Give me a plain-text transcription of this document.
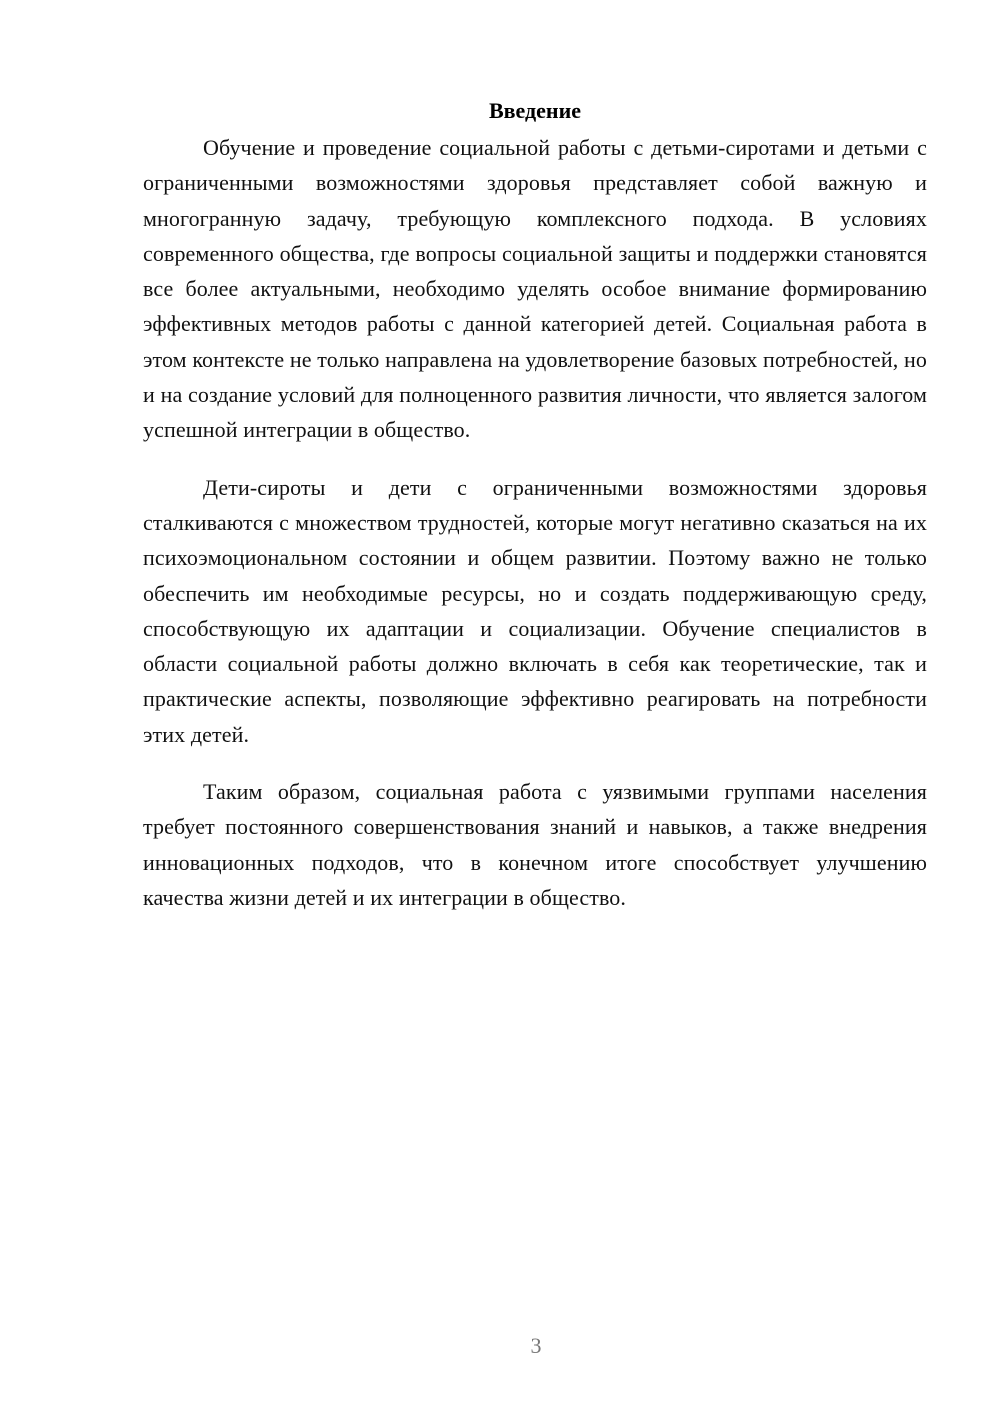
Введение

Обучение и проведение социальной работы с детьми-сиротами и детьми с ограниченными возможностями здоровья представляет собой важную и многогранную задачу, требующую комплексного подхода. В условиях современного общества, где вопросы социальной защиты и поддержки становятся все более актуальными, необходимо уделять особое внимание формированию эффективных методов работы с данной категорией детей. Социальная работа в этом контексте не только направлена на удовлетворение базовых потребностей, но и на создание условий для полноценного развития личности, что является залогом успешной интеграции в общество.

Дети-сироты и дети с ограниченными возможностями здоровья сталкиваются с множеством трудностей, которые могут негативно сказаться на их психоэмоциональном состоянии и общем развитии. Поэтому важно не только обеспечить им необходимые ресурсы, но и создать поддерживающую среду, способствующую их адаптации и социализации. Обучение специалистов в области социальной работы должно включать в себя как теоретические, так и практические аспекты, позволяющие эффективно реагировать на потребности этих детей.

Таким образом, социальная работа с уязвимыми группами населения требует постоянного совершенствования знаний и навыков, а также внедрения инновационных подходов, что в конечном итоге способствует улучшению качества жизни детей и их интеграции в общество.

3
